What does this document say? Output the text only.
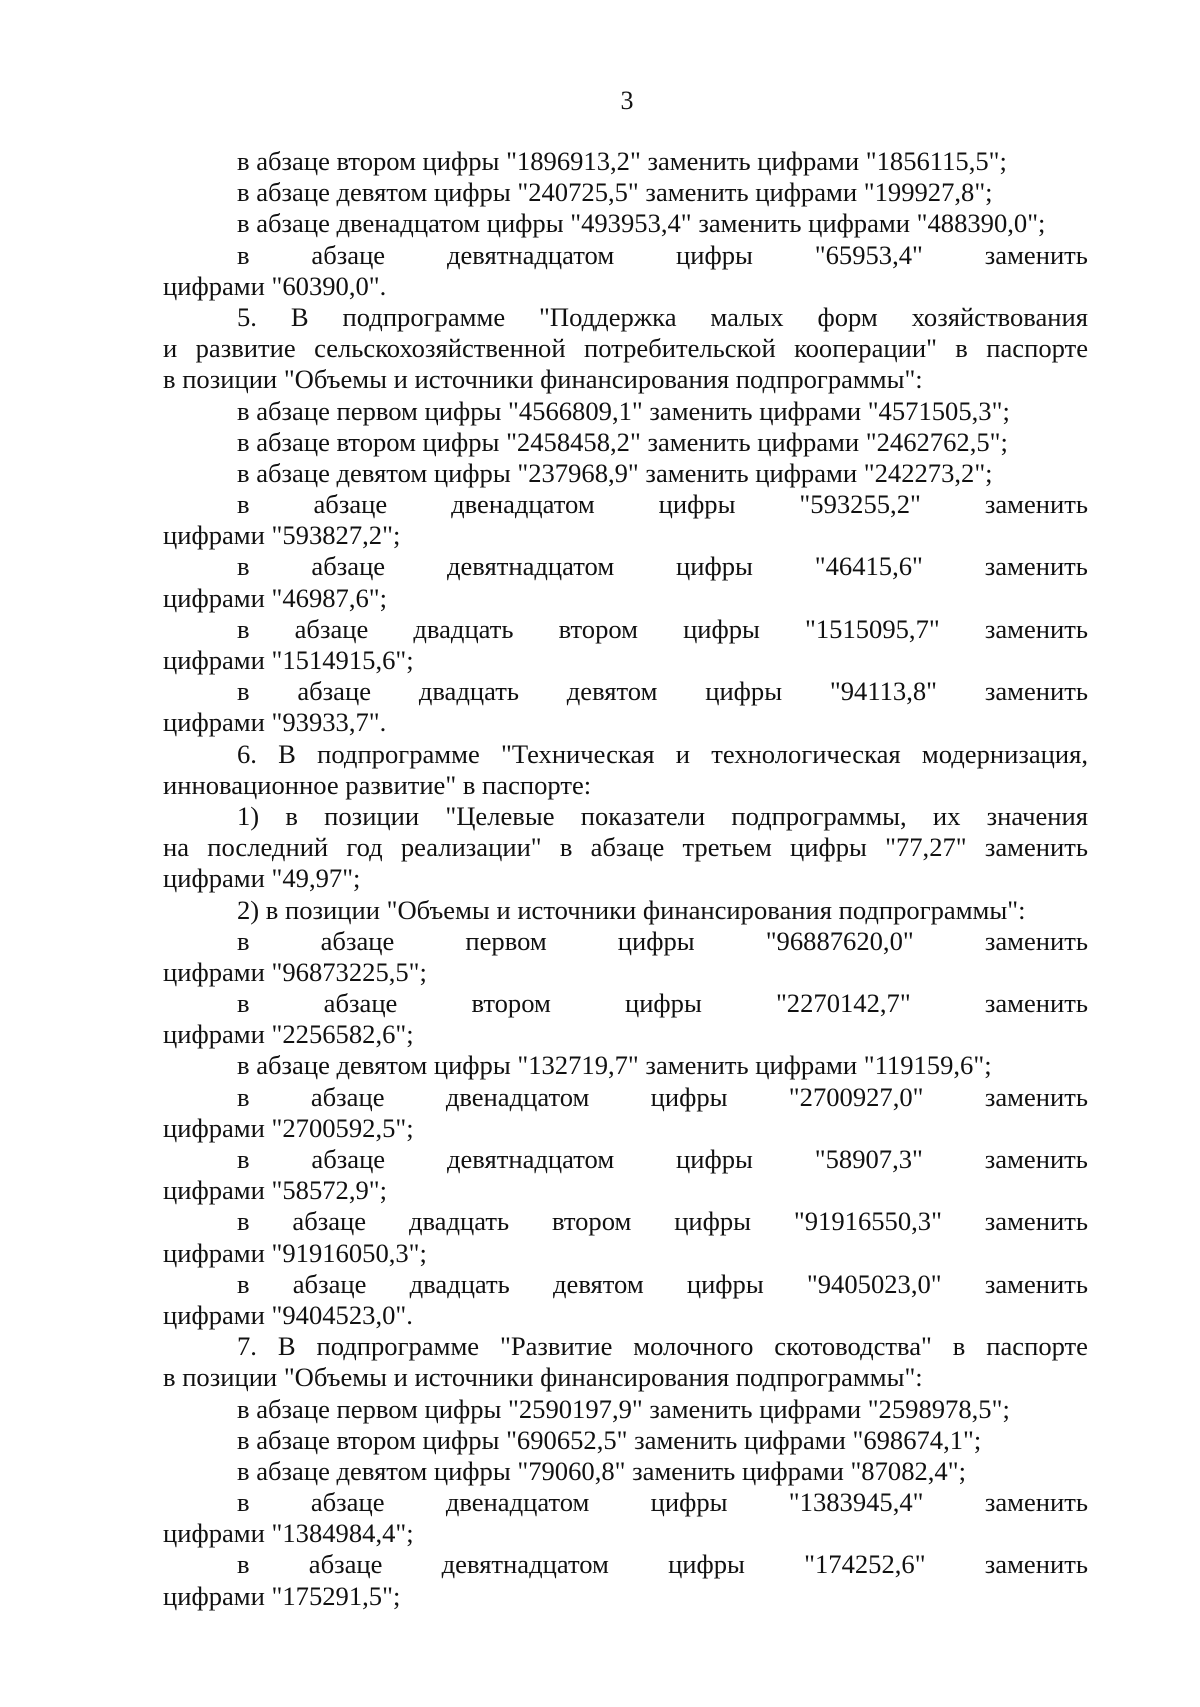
3
в абзаце втором цифры "1896913,2" заменить цифрами "1856115,5";
в абзаце девятом цифры "240725,5" заменить цифрами "199927,8";
в абзаце двенадцатом цифры "493953,4" заменить цифрами "488390,0";
в абзаце девятнадцатом цифры "65953,4" заменить
цифрами "60390,0".
5. В подпрограмме "Поддержка малых форм хозяйствования
и развитие сельскохозяйственной потребительской кооперации" в паспорте
в позиции "Объемы и источники финансирования подпрограммы":
в абзаце первом цифры "4566809,1" заменить цифрами "4571505,3";
в абзаце втором цифры "2458458,2" заменить цифрами "2462762,5";
в абзаце девятом цифры "237968,9" заменить цифрами "242273,2";
в абзаце двенадцатом цифры "593255,2" заменить
цифрами "593827,2";
в абзаце девятнадцатом цифры "46415,6" заменить
цифрами "46987,6";
в абзаце двадцать втором цифры "1515095,7" заменить
цифрами "1514915,6";
в абзаце двадцать девятом цифры "94113,8" заменить
цифрами "93933,7".
6. В подпрограмме "Техническая и технологическая модернизация,
инновационное развитие" в паспорте:
1) в позиции "Целевые показатели подпрограммы, их значения
на последний год реализации" в абзаце третьем цифры "77,27" заменить
цифрами "49,97";
2) в позиции "Объемы и источники финансирования подпрограммы":
в	абзаце	первом	цифры	"96887620,0"	заменить
цифрами "96873225,5";
в	абзаце	втором	цифры	"2270142,7"	заменить
цифрами "2256582,6";
в абзаце девятом цифры "132719,7" заменить цифрами "119159,6";
в абзаце двенадцатом цифры "2700927,0" заменить
цифрами "2700592,5";
в абзаце девятнадцатом цифры "58907,3" заменить
цифрами "58572,9";
в абзаце двадцать втором цифры "91916550,3" заменить
цифрами "91916050,3";
в абзаце двадцать девятом цифры "9405023,0" заменить
цифрами "9404523,0".
7. В подпрограмме "Развитие молочного скотоводства" в паспорте
в позиции "Объемы и источники финансирования подпрограммы":
в абзаце первом цифры "2590197,9" заменить цифрами "2598978,5";
в абзаце втором цифры "690652,5" заменить цифрами "698674,1";
в абзаце девятом цифры "79060,8" заменить цифрами "87082,4";
в абзаце двенадцатом цифры "1383945,4" заменить
цифрами "1384984,4";
в абзаце девятнадцатом цифры "174252,6" заменить
цифрами "175291,5";
